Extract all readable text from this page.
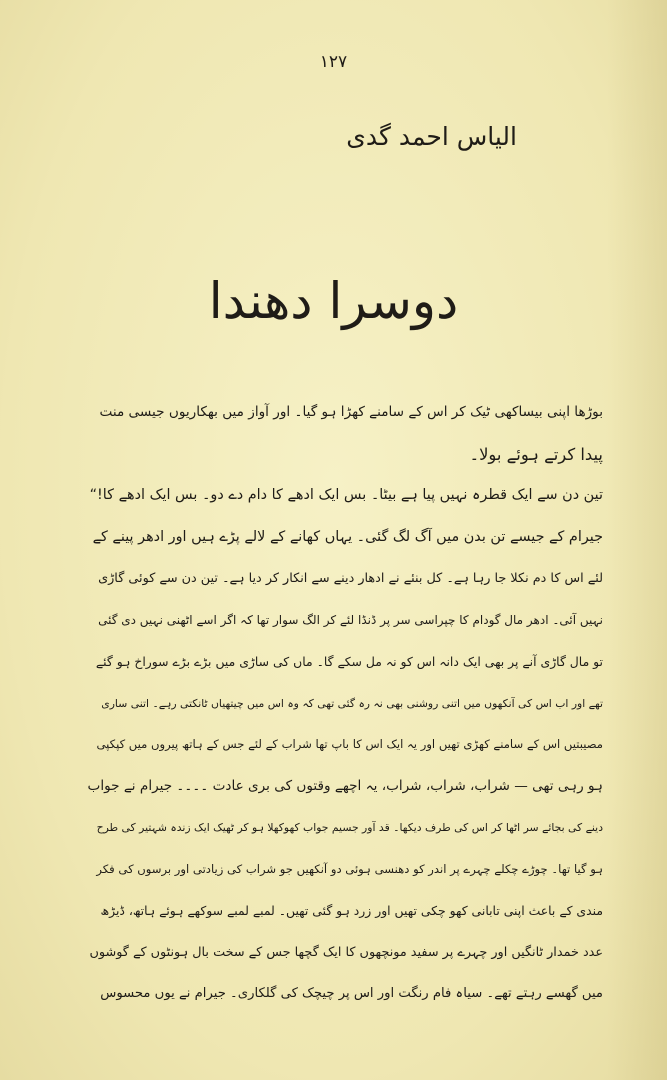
۱۲۷
الیاس احمد گدی
دوسرا دھندا
بوڑھا اپنی بیساکھی ٹیک کر اس کے سامنے کھڑا ہو گیا۔ اور آواز میں بھکاریوں جیسی منت
پیدا کرتے ہوئے بولا۔
تین دن سے ایک قطرہ نہیں پیا ہے بیٹا۔ بس ایک ادھے کا دام دے دو۔ بس ایک ادھے کا!“
جیرام کے جیسے تن بدن میں آگ لگ گئی۔ یہاں کھانے کے لالے پڑے ہیں اور ادھر پینے کے
لئے اس کا دم نکلا جا رہا ہے۔ کل بنئے نے ادھار دینے سے انکار کر دیا ہے۔ تین دن سے کوئی گاڑی
نہیں آئی۔ ادھر مال گودام کا چپراسی سر پر ڈنڈا لئے کر الگ سوار تھا کہ اگر اسے اٹھنی نہیں دی گئی
تو مال گاڑی آنے پر بھی ایک دانہ اس کو نہ مل سکے گا۔ ماں کی ساڑی میں بڑے بڑے سوراخ ہو گئے
تھے اور اب اس کی آنکھوں میں اتنی روشنی بھی نہ رہ گئی تھی کہ وہ اس میں چیتھیاں ٹانکتی رہے۔ اتنی ساری
مصیبتیں اس کے سامنے کھڑی تھیں اور یہ ایک اس کا باپ تھا شراب کے لئے جس کے ہاتھ پیروں میں کپکپی
ہو رہی تھی — شراب، شراب، شراب، یہ اچھے وقتوں کی بری عادت ۔۔۔۔ جیرام نے جواب
دینے کی بجائے سر اٹھا کر اس کی طرف دیکھا۔ قد آور جسیم جواب کھوکھلا ہو کر ٹھیک ایک زندہ شہتیر کی طرح
ہو گیا تھا۔ چوڑے چکلے چہرے پر اندر کو دھنسی ہوئی دو آنکھیں جو شراب کی زیادتی اور برسوں کی فکر
مندی کے باعث اپنی تابانی کھو چکی تھیں اور زرد ہو گئی تھیں۔ لمبے لمبے سوکھے ہوئے ہاتھ، ڈیڑھ
عدد خمدار ٹانگیں اور چہرے پر سفید مونچھوں کا ایک گچھا جس کے سخت بال ہونٹوں کے گوشوں
میں گھسے رہتے تھے۔ سیاہ فام رنگت اور اس پر چیچک کی گلکاری۔ جیرام نے یوں محسوس
